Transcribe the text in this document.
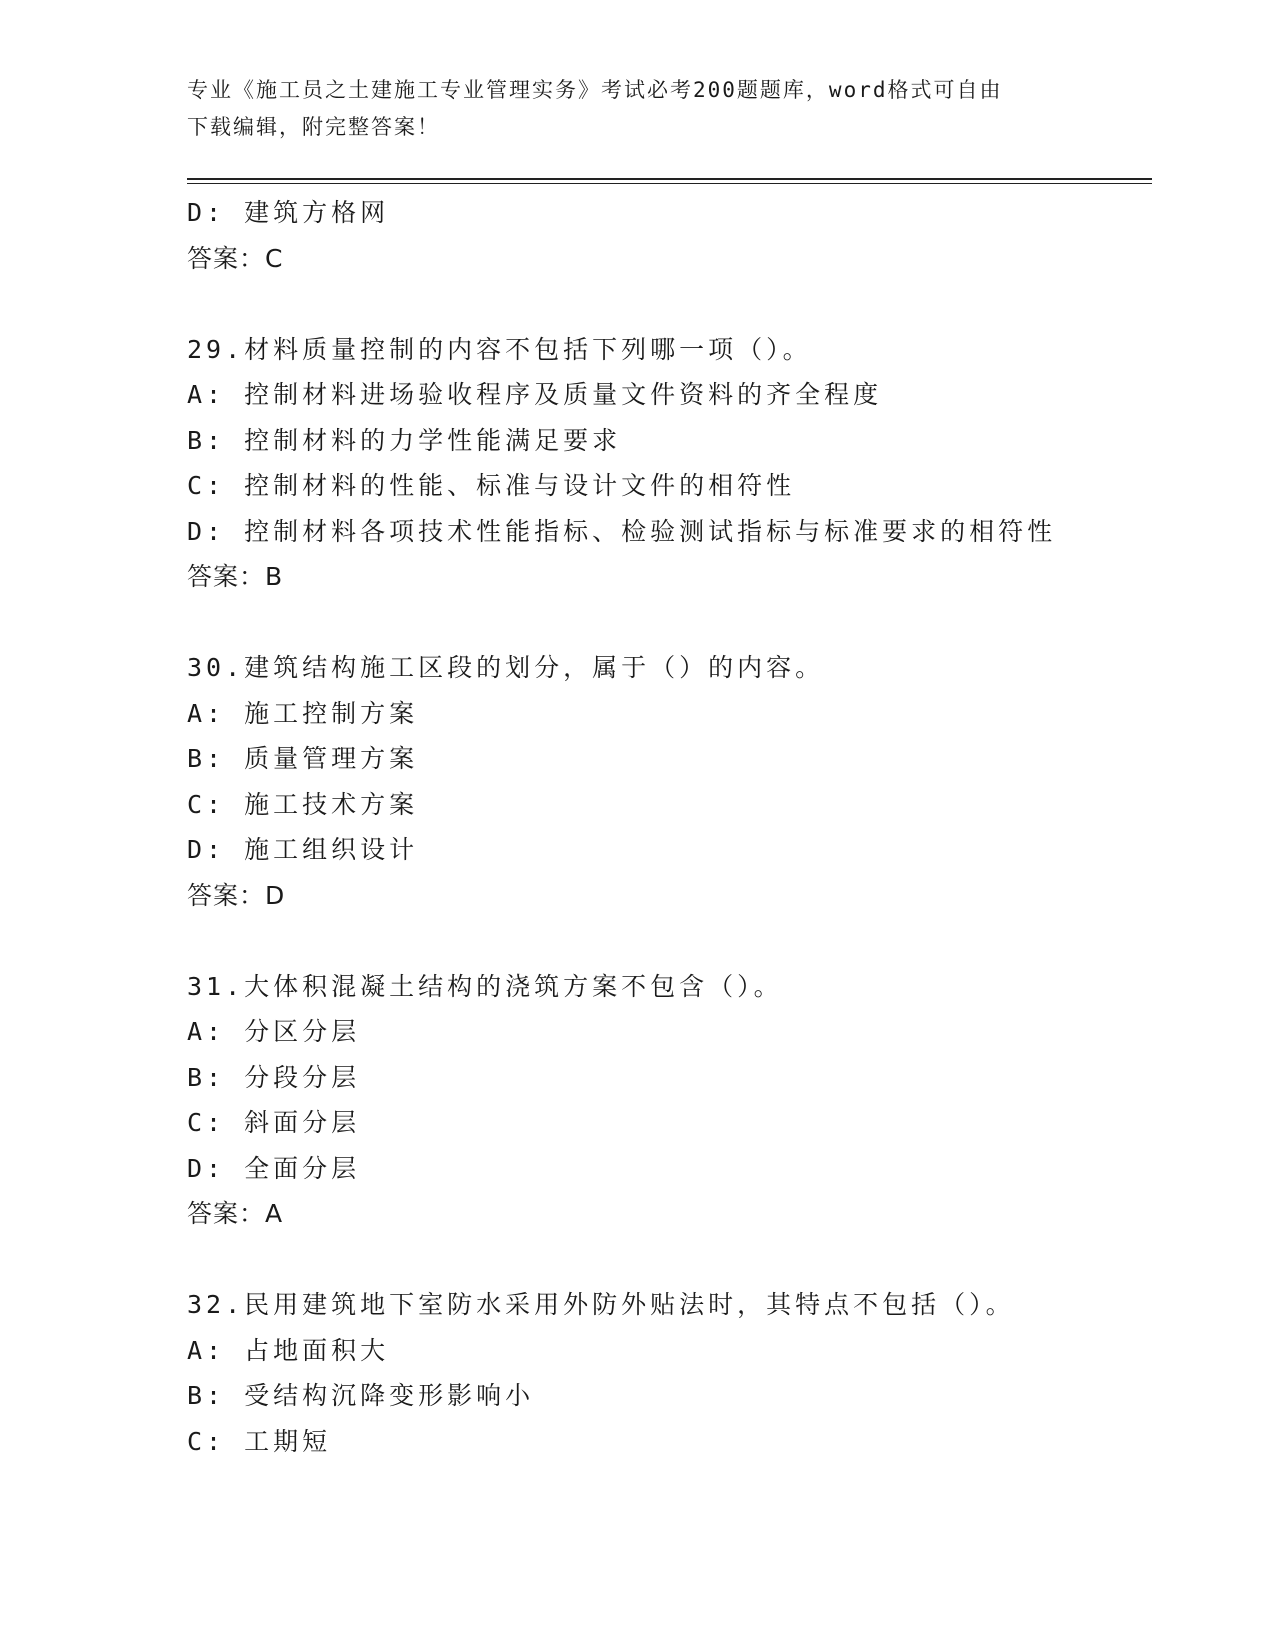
专业《施工员之土建施工专业管理实务》考试必考200题题库，word格式可自由
下载编辑，附完整答案！
D: 建筑方格网
答案：C
29.材料质量控制的内容不包括下列哪一项（）。
A: 控制材料进场验收程序及质量文件资料的齐全程度
B: 控制材料的力学性能满足要求
C: 控制材料的性能、标准与设计文件的相符性
D: 控制材料各项技术性能指标、检验测试指标与标准要求的相符性
答案：B
30.建筑结构施工区段的划分，属于（）的内容。
A: 施工控制方案
B: 质量管理方案
C: 施工技术方案
D: 施工组织设计
答案：D
31.大体积混凝土结构的浇筑方案不包含（）。
A: 分区分层
B: 分段分层
C: 斜面分层
D: 全面分层
答案：A
32.民用建筑地下室防水采用外防外贴法时，其特点不包括（）。
A: 占地面积大
B: 受结构沉降变形影响小
C: 工期短
